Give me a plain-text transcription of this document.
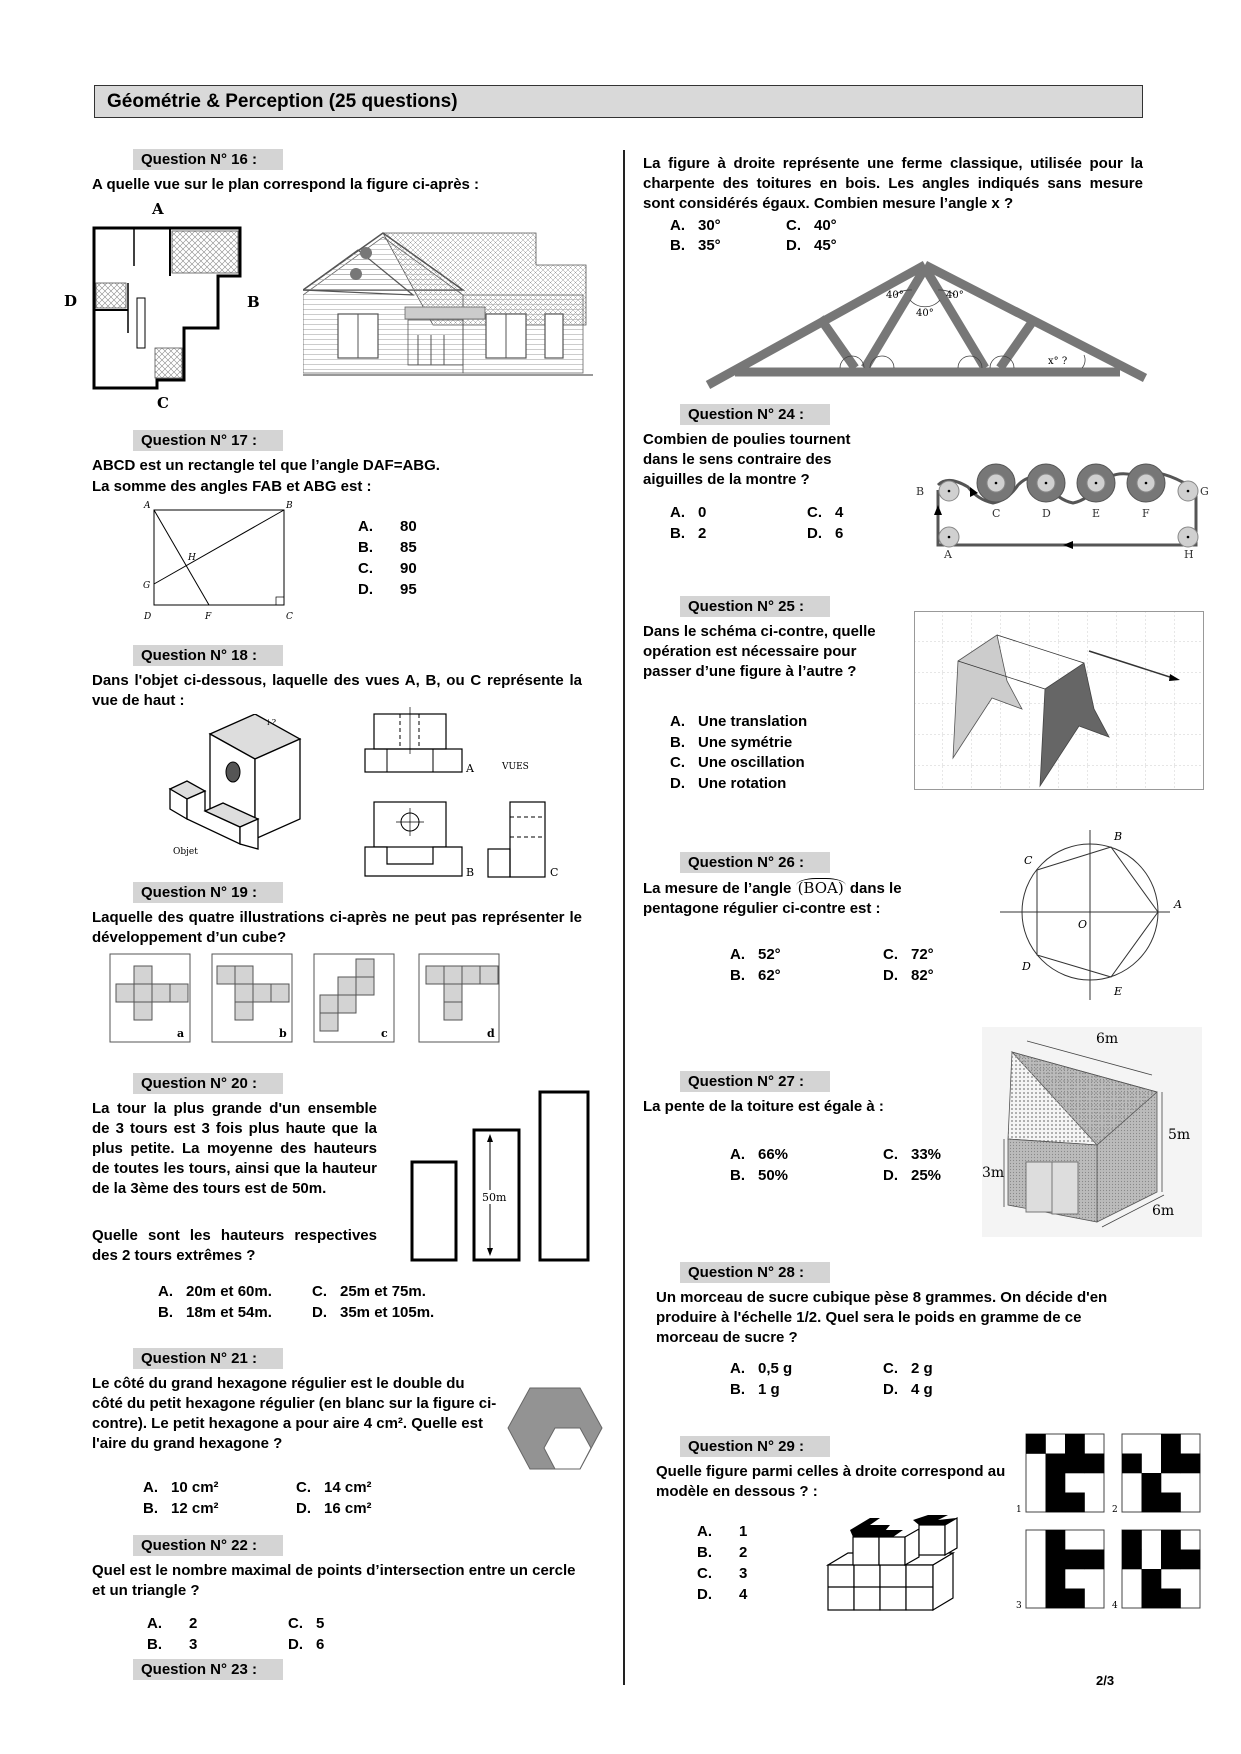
Géométrie & Perception (25 questions)
Question N° 16 :
A quelle vue sur le plan correspond la figure ci-après :
A
D	B
C
Question N° 17 :
ABCD est un rectangle tel que l’angle DAF=ABG.
La somme des angles FAB et ABG est :
A	B
C
D	F
G
H
A. 80
B. 85
C. 90
D. 95
Question N° 18 :
Dans l'objet ci-dessous, laquelle des vues A, B, ou C représente la vue de haut :
Objet
↓?
A	VUES
B	C
Question N° 19 :
Laquelle des quatre illustrations ci-après ne peut pas représenter le développement d’un cube?
a	b	c	d
Question N° 20 :
La tour la plus grande d'un ensemble de 3 tours est 3 fois plus haute que la plus petite. La moyenne des hauteurs de toutes les tours, ainsi que la hauteur de la 3ème des tours est de 50m.
Quelle sont les hauteurs respectives des 2 tours extrêmes ?
50m
A. 20m et 60m.
B. 18m et 54m.
C. 25m et 75m.
D. 35m et 105m.
Question N° 21 :
Le côté du grand hexagone régulier est le double du côté du petit hexagone régulier (en blanc sur la figure ci-contre). Le petit hexagone a pour aire 4 cm². Quelle est l'aire du grand hexagone ?
A. 10 cm²
B. 12 cm²
C. 14 cm²
D. 16 cm²
Question N° 22 :
Quel est le nombre maximal de points d’intersection entre un cercle et un triangle ?
A. 2
B. 3
C. 5
D. 6
Question N° 23 :
La figure à droite représente une ferme classique, utilisée pour la charpente des toitures en bois. Les angles indiqués sans mesure sont considérés égaux. Combien mesure l’angle x ?
A. 30°
B. 35°
C. 40°
D. 45°
40°
40°
40°
x° ?
Question N° 24 :
Combien de poulies tournent dans le sens contraire des aiguilles de la montre ?
A. 0
B. 2
C. 4
D. 6
B
A
C	D	E	F
G
H
Question N° 25 :
Dans le schéma ci-contre, quelle opération est nécessaire pour passer d’une figure à l’autre ?
A. Une translation
B. Une symétrie
C. Une oscillation
D. Une rotation
Question N° 26 :
La mesure de l’angle (BOA) dans le pentagone régulier ci-contre est :
A. 52°
B. 62°
C. 72°
D. 82°
B
C
A
O
D
E
Question N° 27 :
La pente de la toiture est égale à :
A. 66%
B. 50%
C. 33%
D. 25%
6m
5m
3m
6m
Question N° 28 :
Un morceau de sucre cubique pèse 8 grammes. On décide d'en produire à l'échelle 1/2. Quel sera le poids en gramme de ce morceau de sucre ?
A. 0,5 g
B. 1 g
C. 2 g
D. 4 g
Question N° 29 :
Quelle figure parmi celles à droite correspond au modèle en dessous ? :
A. 1
B. 2
C. 3
D. 4
1	2
3	4
2/3
